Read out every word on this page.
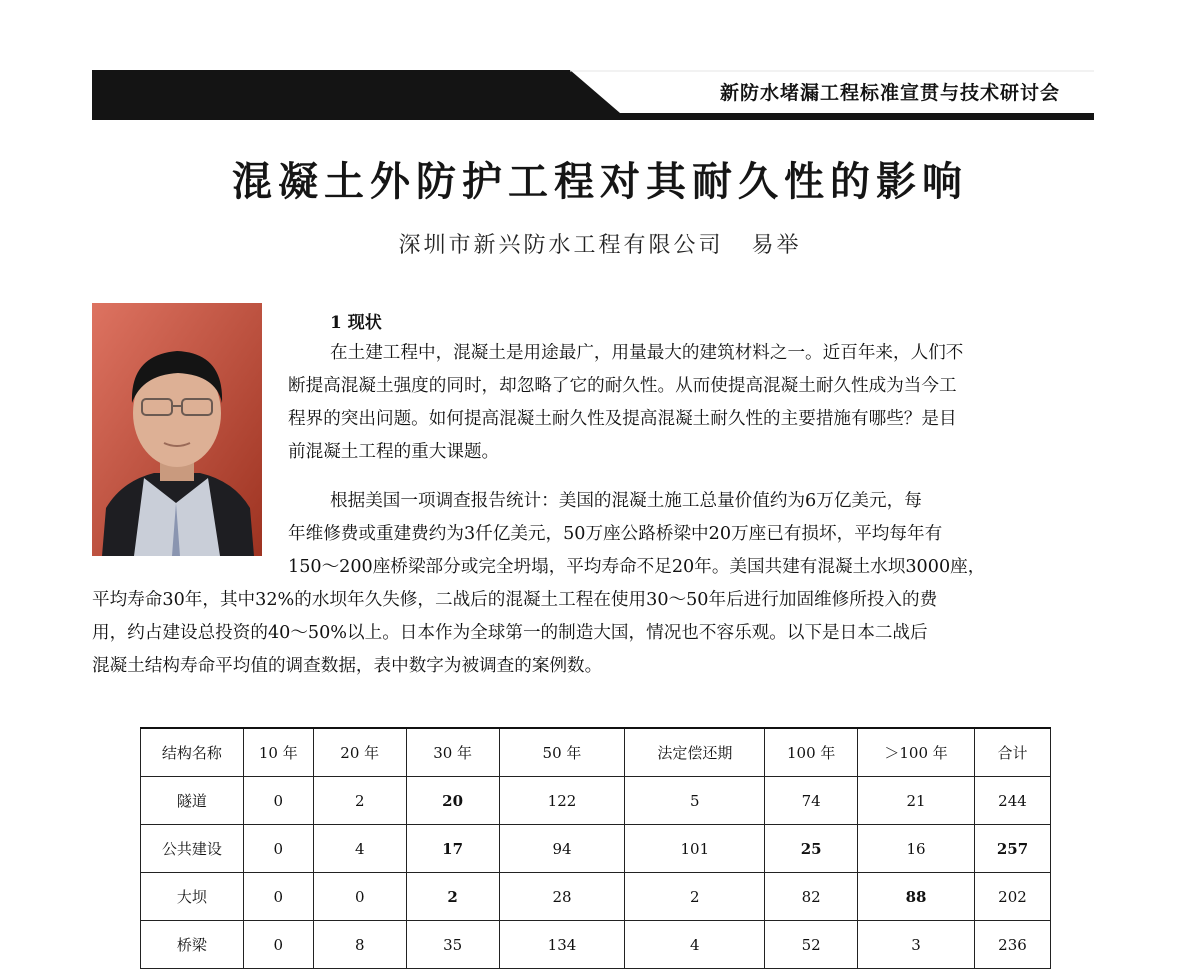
新防水堵漏工程标准宣贯与技术研讨会
混凝土外防护工程对其耐久性的影响
深圳市新兴防水工程有限公司 易举
1 现状
在土建工程中，混凝土是用途最广，用量最大的建筑材料之一。近百年来，人们不
断提高混凝土强度的同时，却忽略了它的耐久性。从而使提高混凝土耐久性成为当今工
程界的突出问题。如何提高混凝土耐久性及提高混凝土耐久性的主要措施有哪些？是目
前混凝土工程的重大课题。
根据美国一项调查报告统计：美国的混凝土施工总量价值约为6万亿美元，每
年维修费或重建费约为3仟亿美元，50万座公路桥梁中20万座已有损坏，平均每年有
150～200座桥梁部分或完全坍塌，平均寿命不足20年。美国共建有混凝土水坝3000座，
平均寿命30年，其中32%的水坝年久失修，二战后的混凝土工程在使用30～50年后进行加固维修所投入的费
用，约占建设总投资的40～50%以上。日本作为全球第一的制造大国，情况也不容乐观。以下是日本二战后
混凝土结构寿命平均值的调查数据，表中数字为被调查的案例数。
结构名称	10 年	20 年	30 年	50 年	法定偿还期	100 年	＞100 年	合计
隧道	0	2	20	122	5	74	21	244
公共建设	0	4	17	94	101	25	16	257
大坝	0	0	2	28	2	82	88	202
桥梁	0	8	35	134	4	52	3	236
